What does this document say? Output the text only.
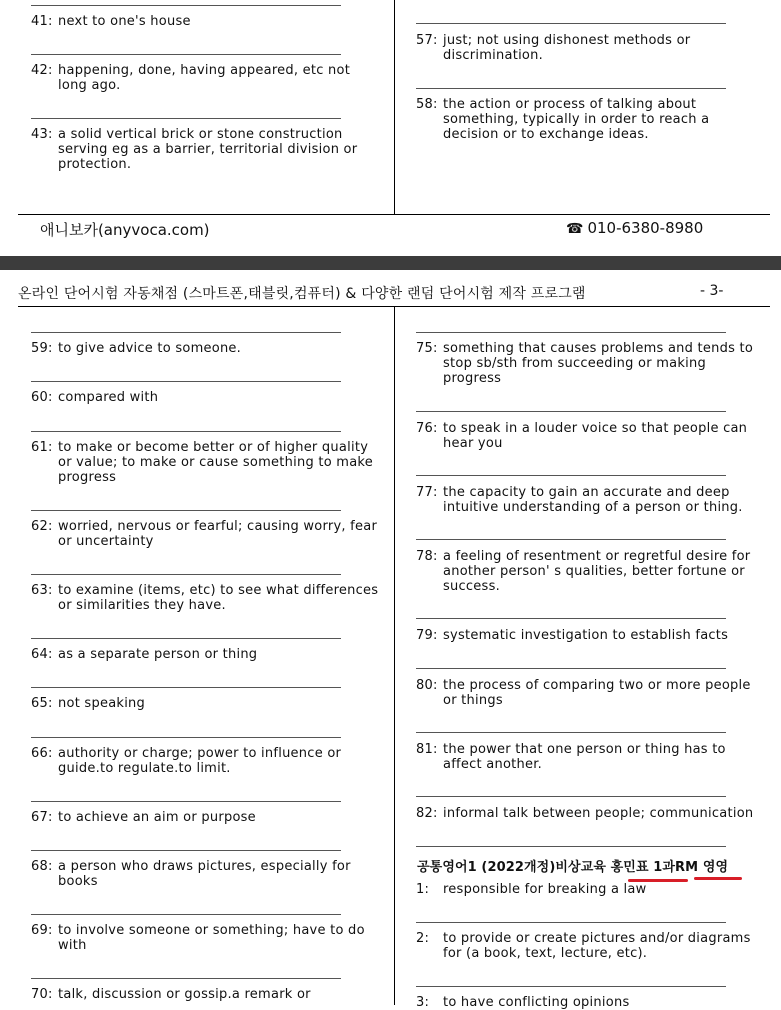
41: next to one's house
42: happening, done, having appeared, etc not long ago.
43: a solid vertical brick or stone construction serving eg as a barrier, territorial division or protection.
57: just; not using dishonest methods or discrimination.
58: the action or process of talking about something, typically in order to reach a decision or to exchange ideas.
애니보카(anyvoca.com)	☎ 010-6380-8980
온라인 단어시험 자동채점 (스마트폰,태블릿,컴퓨터) & 다양한 랜덤 단어시험 제작 프로그램	- 3-
59: to give advice to someone.
60: compared with
61: to make or become better or of higher quality or value; to make or cause something to make progress
62: worried, nervous or fearful; causing worry, fear or uncertainty
63: to examine (items, etc) to see what differences or similarities they have.
64: as a separate person or thing
65: not speaking
66: authority or charge; power to influence or guide.to regulate.to limit.
67: to achieve an aim or purpose
68: a person who draws pictures, especially for books
69: to involve someone or something; have to do with
70: talk, discussion or gossip.a remark or
75: something that causes problems and tends to stop sb/sth from succeeding or making progress
76: to speak in a louder voice so that people can hear you
77: the capacity to gain an accurate and deep intuitive understanding of a person or thing.
78: a feeling of resentment or regretful desire for another person' s qualities, better fortune or success.
79: systematic investigation to establish facts
80: the process of comparing two or more people or things
81: the power that one person or thing has to affect another.
82: informal talk between people; communication
공통영어1 (2022개정)비상교육 홍민표 1과RM 영영
1:	responsible for breaking a law
2:	to provide or create pictures and/or diagrams for (a book, text, lecture, etc).
3:	to have conflicting opinions
